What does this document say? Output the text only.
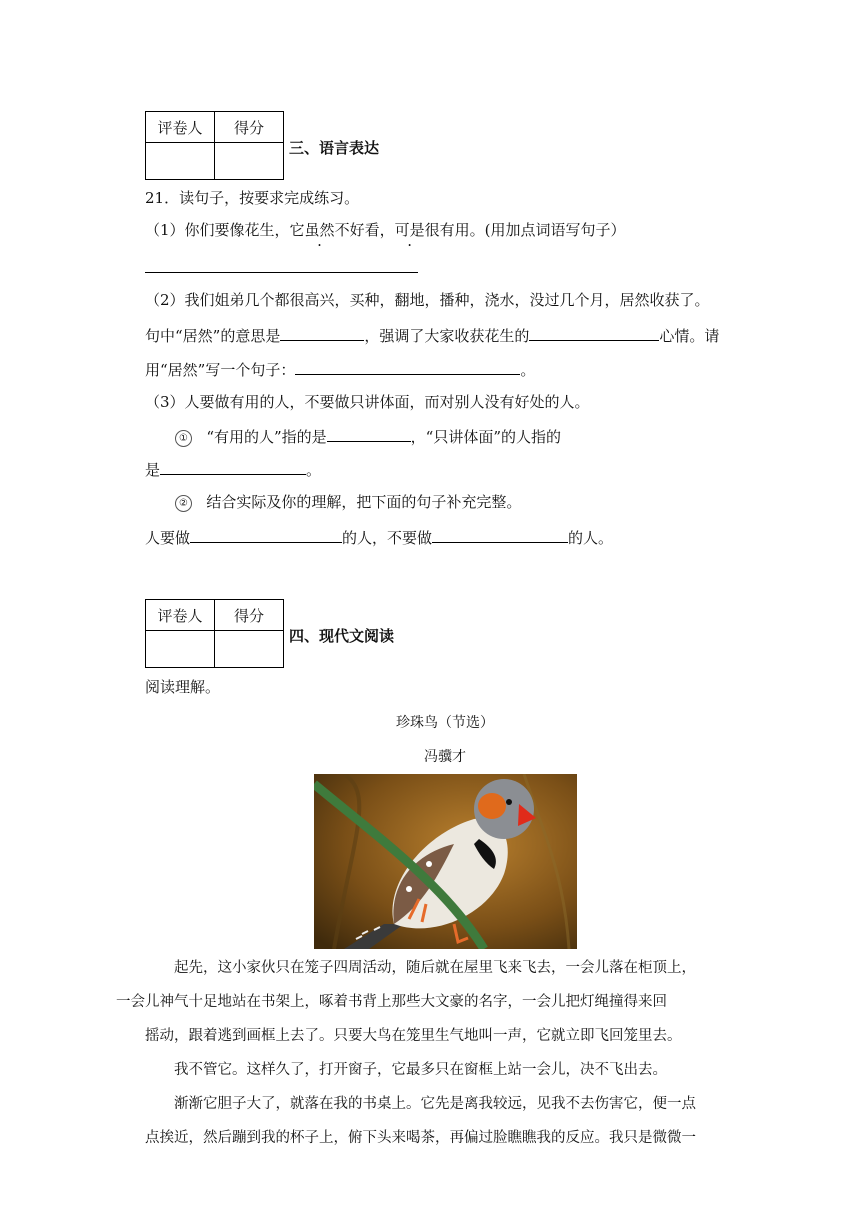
评卷人	得分

三、语言表达
21．读句子，按要求完成练习。
（1）你们要像花生，它虽然不好看，可是很有用。(用加点词语写句子）
（2）我们姐弟几个都很高兴，买种，翻地，播种，浇水，没过几个月，居然收获了。
句中“居然”的意思是	，强调了大家收获花生的	心情。请
用“居然”写一个句子：	。
（3）人要做有用的人，不要做只讲体面，而对别人没有好处的人。
① “有用的人”指的是	，“只讲体面”的人指的
是	。
② 结合实际及你的理解，把下面的句子补充完整。
人要做	的人，不要做	的人。
评卷人	得分

四、现代文阅读
阅读理解。
珍珠鸟（节选）
冯骥才
起先，这小家伙只在笼子四周活动，随后就在屋里飞来飞去，一会儿落在柜顶上，
一会儿神气十足地站在书架上，啄着书背上那些大文豪的名字，一会儿把灯绳撞得来回
摇动，跟着逃到画框上去了。只要大鸟在笼里生气地叫一声，它就立即飞回笼里去。
我不管它。这样久了，打开窗子，它最多只在窗框上站一会儿，决不飞出去。
渐渐它胆子大了，就落在我的书桌上。它先是离我较远，见我不去伤害它，便一点
点挨近，然后蹦到我的杯子上，俯下头来喝茶，再偏过脸瞧瞧我的反应。我只是微微一
